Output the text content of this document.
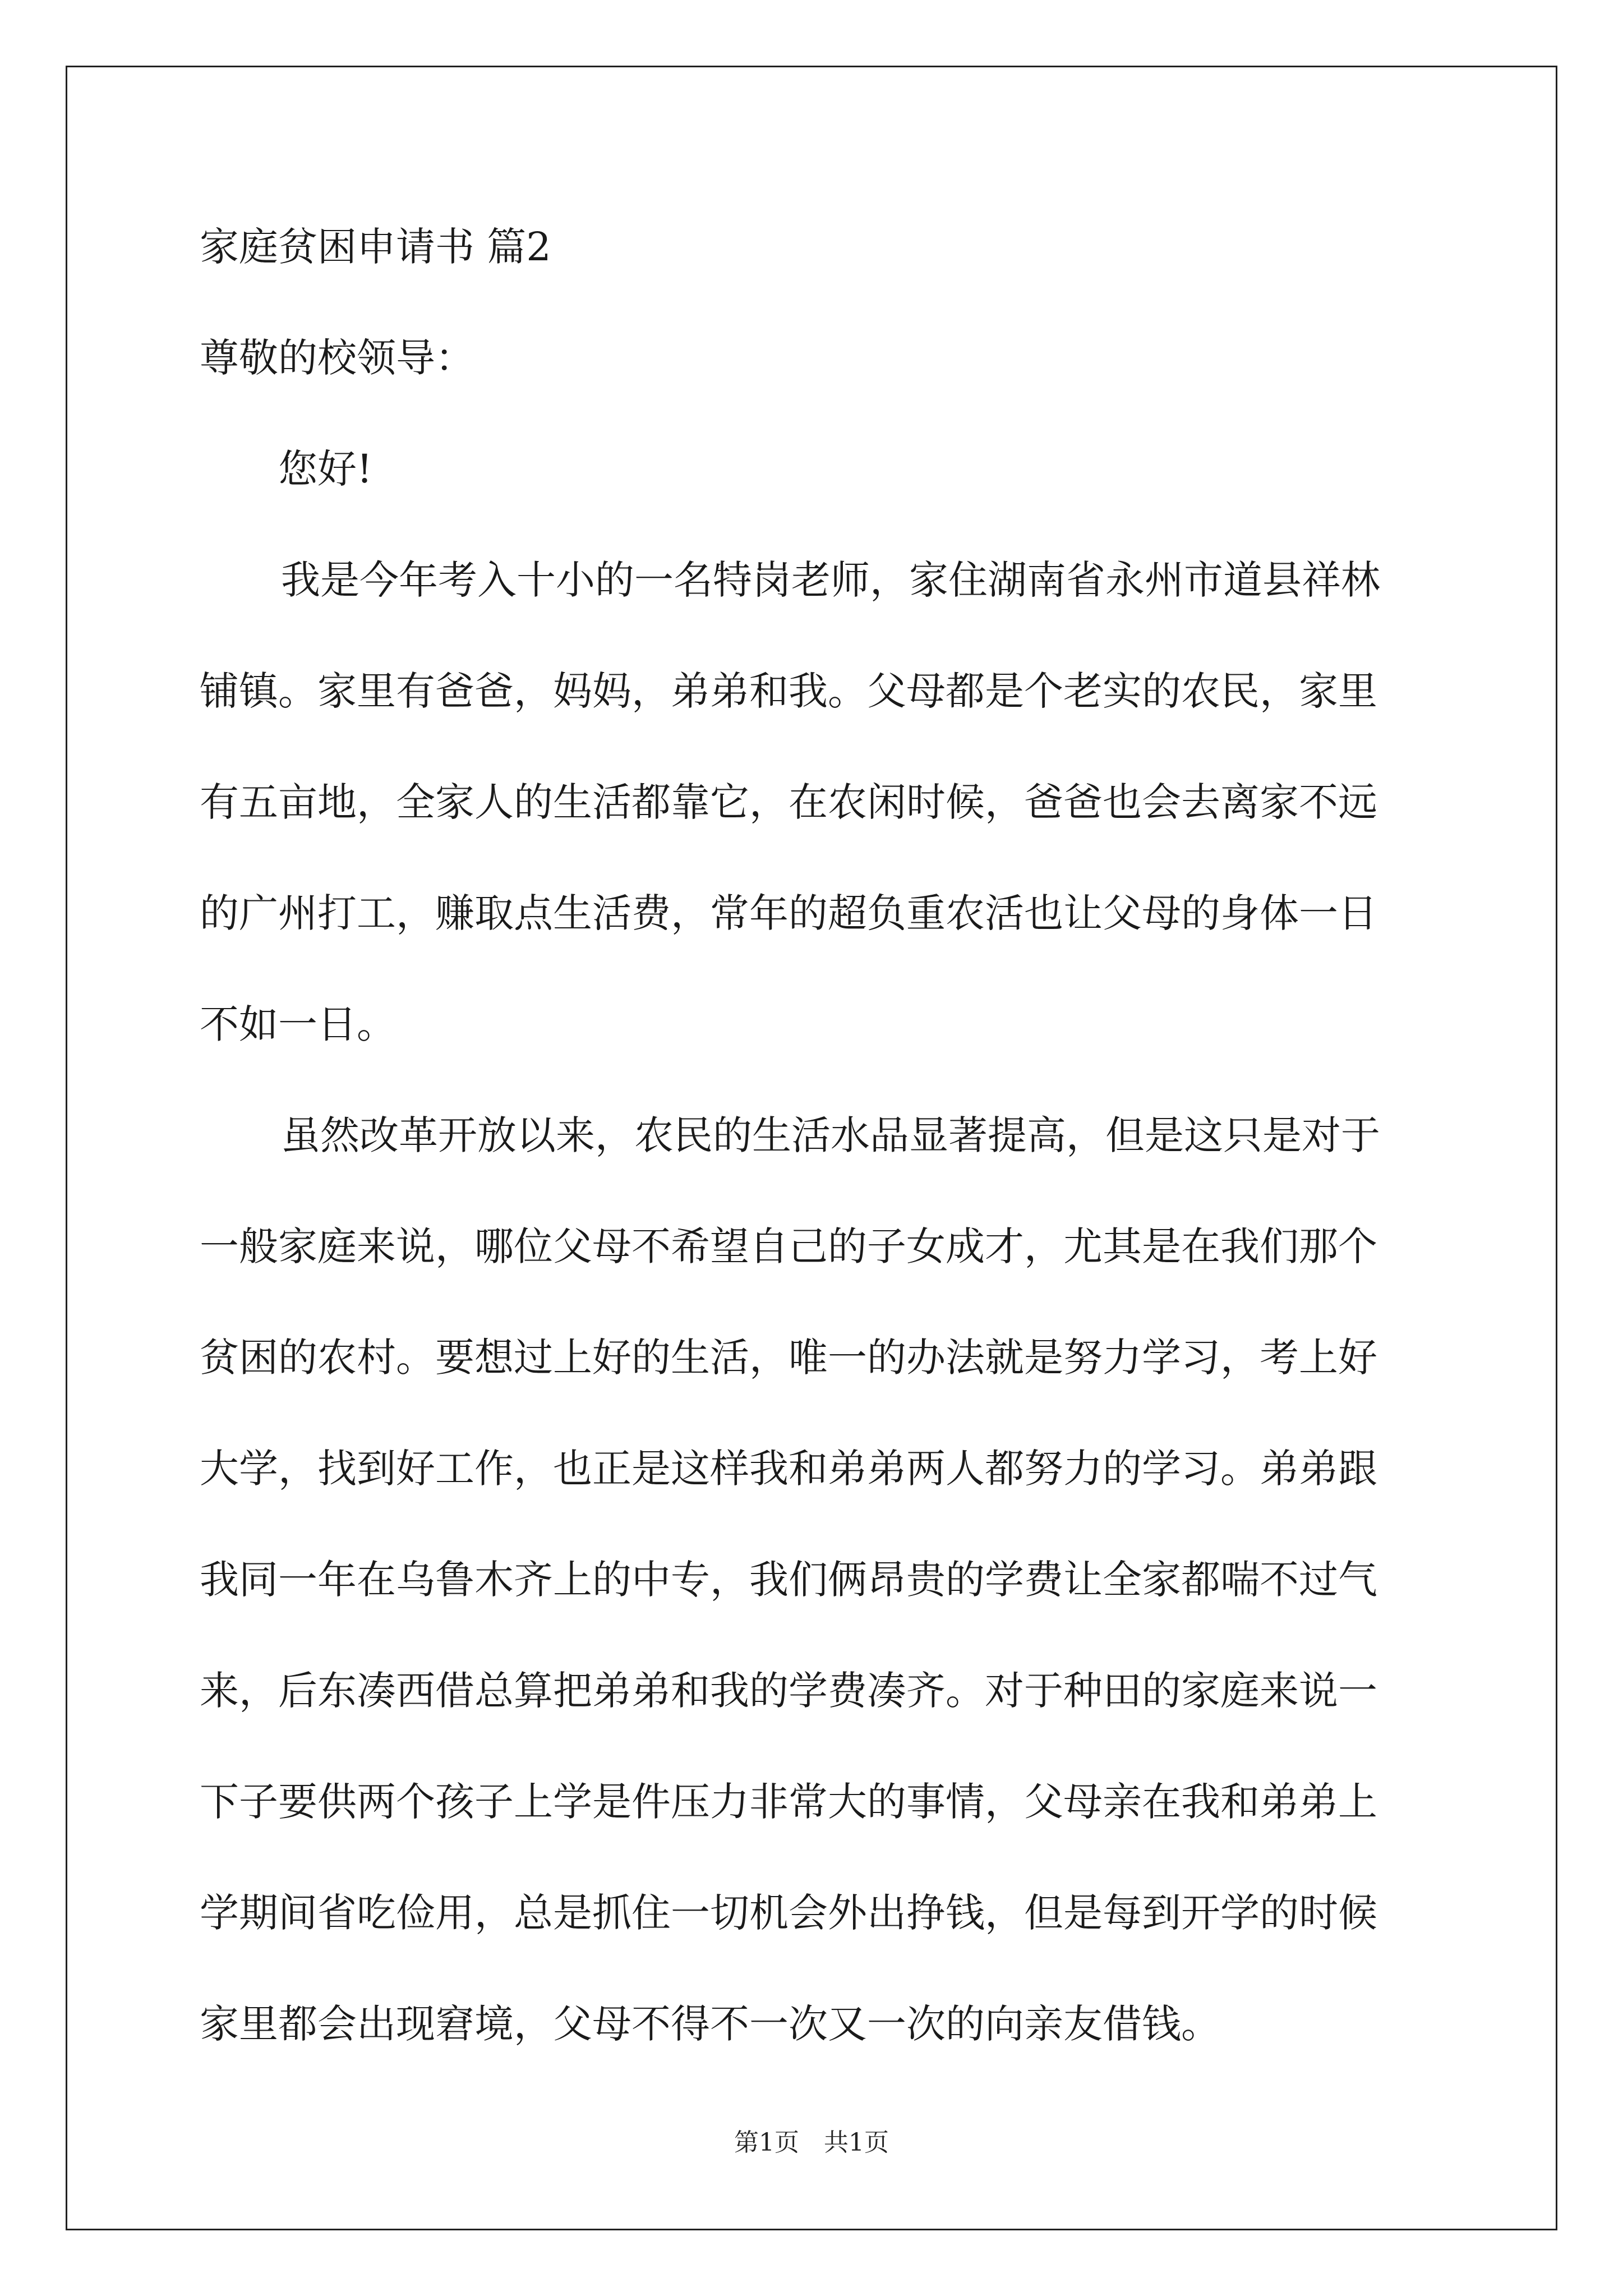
家庭贫困申请书 篇2

尊敬的校领导：

您好!

我是今年考入十小的一名特岗老师，家住湖南省永州市道县祥林

铺镇。家里有爸爸，妈妈，弟弟和我。父母都是个老实的农民，家里

有五亩地，全家人的生活都靠它，在农闲时候，爸爸也会去离家不远

的广州打工，赚取点生活费，常年的超负重农活也让父母的身体一日

不如一日。

虽然改革开放以来，农民的生活水品显著提高，但是这只是对于

一般家庭来说，哪位父母不希望自己的子女成才，尤其是在我们那个

贫困的农村。要想过上好的生活，唯一的办法就是努力学习，考上好

大学，找到好工作，也正是这样我和弟弟两人都努力的学习。弟弟跟

我同一年在乌鲁木齐上的中专，我们俩昂贵的学费让全家都喘不过气

来，后东凑西借总算把弟弟和我的学费凑齐。对于种田的家庭来说一

下子要供两个孩子上学是件压力非常大的事情，父母亲在我和弟弟上

学期间省吃俭用，总是抓住一切机会外出挣钱，但是每到开学的时候

家里都会出现窘境，父母不得不一次又一次的向亲友借钱。

第1页 共1页
